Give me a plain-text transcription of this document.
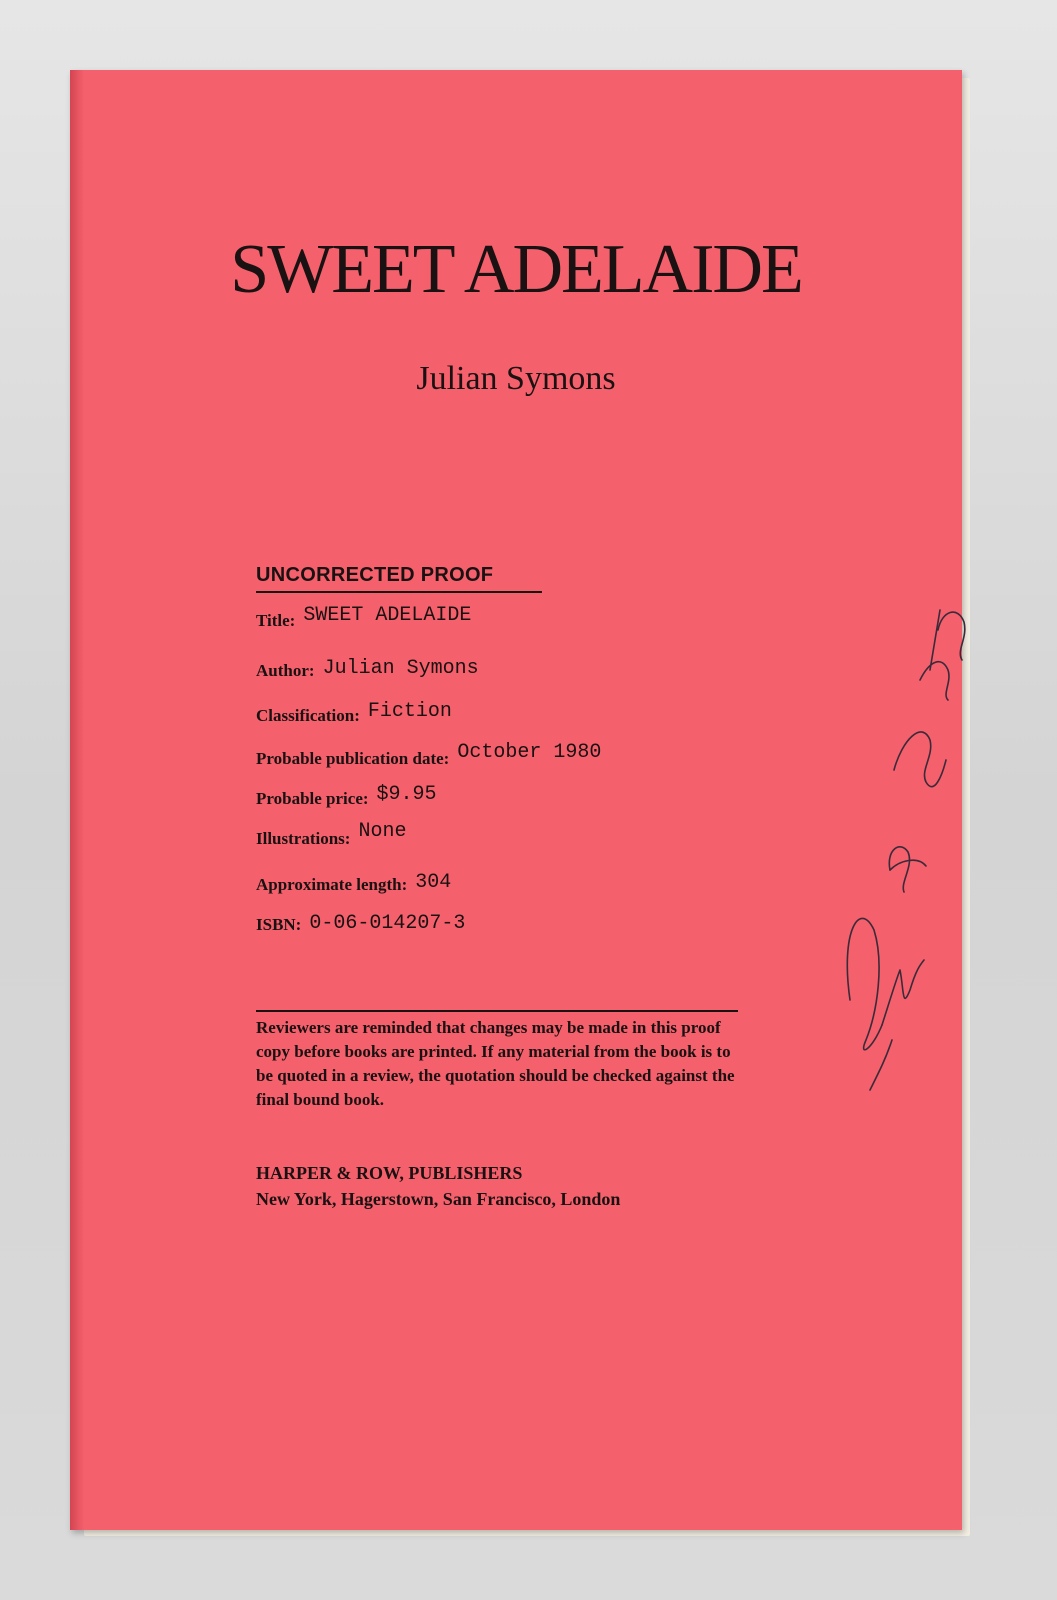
SWEET ADELAIDE
Julian Symons
UNCORRECTED PROOF
Title: SWEET ADELAIDE
Author: Julian Symons
Classification: Fiction
Probable publication date: October 1980
Probable price: $9.95
Illustrations: None
Approximate length: 304
ISBN: 0-06-014207-3

Reviewers are reminded that changes may be made in this proof copy before books are printed. If any material from the book is to be quoted in a review, the quotation should be checked against the final bound book.

HARPER & ROW, PUBLISHERS
New York, Hagerstown, San Francisco, London
